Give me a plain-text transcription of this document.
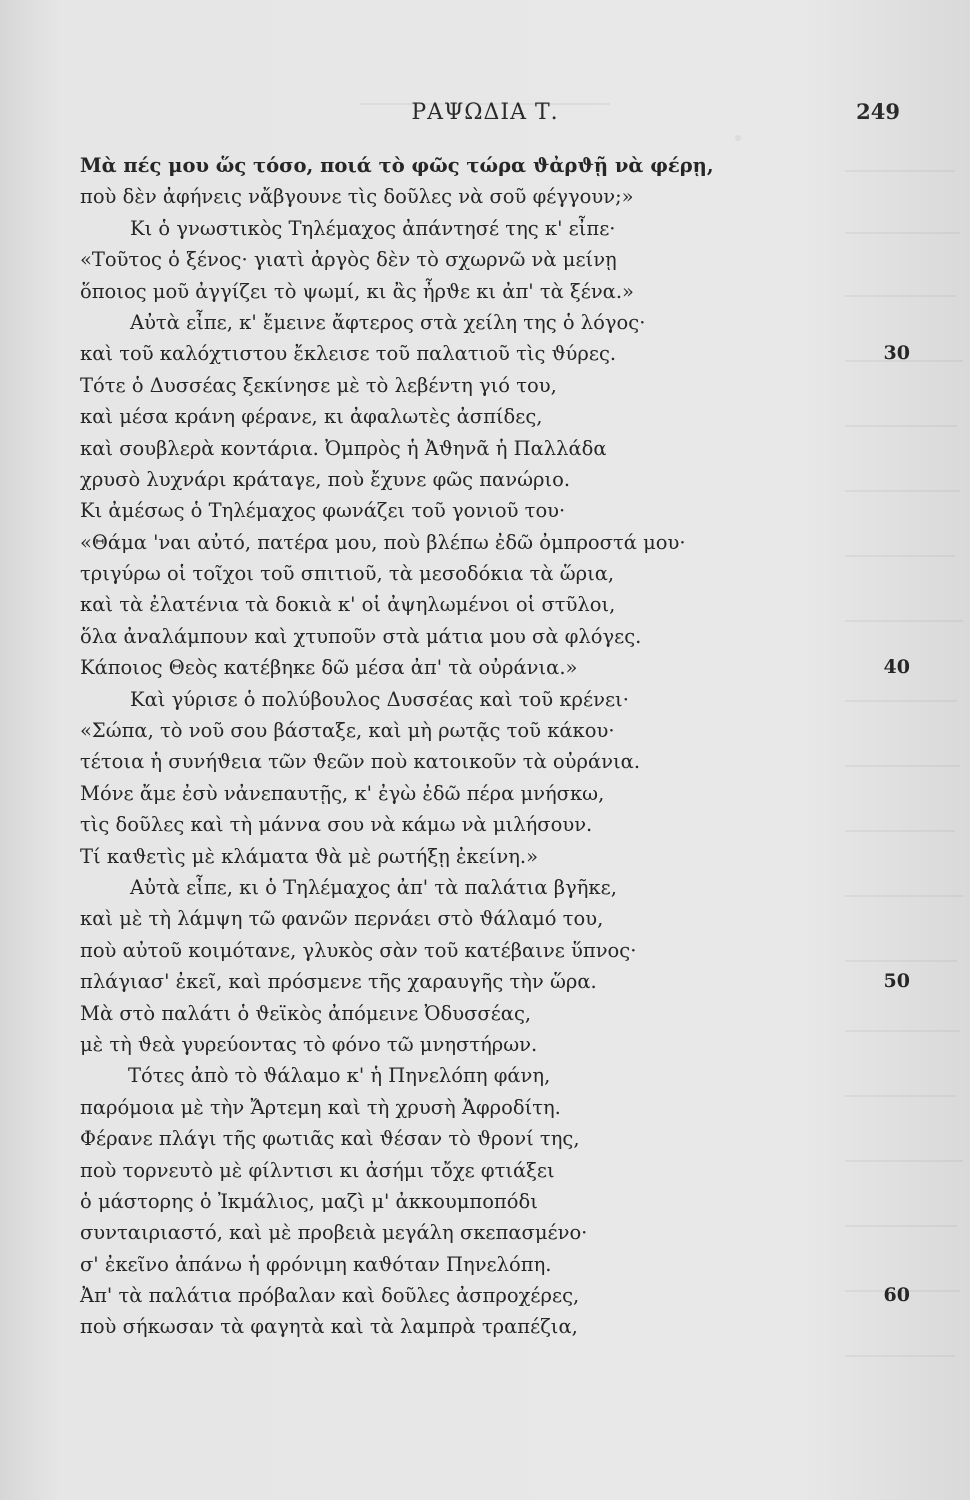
ΡΑΨΩΔΙΑ Τ.	249
Μὰ πές μου ὥς τόσο, ποιά τὸ φῶς τώρα ϑἀρϑῇ νὰ φέρῃ,
ποὺ δὲν ἀφήνεις νἄβγουνε τὶς δοῦλες νὰ σοῦ φέγγουν;»
Κι ὁ γνωστικὸς Τηλέμαχος ἀπάντησέ της κ' εἶπε·
«Τοῦτος ὁ ξένος· γιατὶ ἀργὸς δὲν τὸ σχωρνῶ νὰ μείνῃ
ὅποιος μοῦ ἀγγίζει τὸ ψωμί, κι ἂς ἦρϑε κι ἀπ' τὰ ξένα.»
Αὐτὰ εἶπε, κ' ἔμεινε ἄφτερος στὰ χείλη της ὁ λόγος·
καὶ τοῦ καλόχτιστου ἔκλεισε τοῦ παλατιοῦ τὶς ϑύρες.	30
Τότε ὁ Δυσσέας ξεκίνησε μὲ τὸ λεβέντη γιό του,
καὶ μέσα κράνη φέρανε, κι ἀφαλωτὲς ἀσπίδες,
καὶ σουβλερὰ κοντάρια. Ὀμπρὸς ἡ Ἀϑηνᾶ ἡ Παλλάδα
χρυσὸ λυχνάρι κράταγε, ποὺ ἔχυνε φῶς πανώριο.
Κι ἀμέσως ὁ Τηλέμαχος φωνάζει τοῦ γονιοῦ του·
«Θάμα 'ναι αὐτό, πατέρα μου, ποὺ βλέπω ἐδῶ ὀμπροστά μου·
τριγύρω οἱ τοῖχοι τοῦ σπιτιοῦ, τὰ μεσοδόκια τὰ ὥρια,
καὶ τὰ ἐλατένια τὰ δοκιὰ κ' οἱ ἀψηλωμένοι οἱ στῦλοι,
ὅλα ἀναλάμπουν καὶ χτυποῦν στὰ μάτια μου σὰ φλόγες.
Κάποιος Θεὸς κατέβηκε δῶ μέσα ἀπ' τὰ οὐράνια.»	40
Καὶ γύρισε ὁ πολύβουλος Δυσσέας καὶ τοῦ κρένει·
«Σώπα, τὸ νοῦ σου βάσταξε, καὶ μὴ ρωτᾷς τοῦ κάκου·
τέτοια ἡ συνήϑεια τῶν ϑεῶν ποὺ κατοικοῦν τὰ οὐράνια.
Μόνε ἄμε ἐσὺ νἀνεπαυτῇς, κ' ἐγὼ ἐδῶ πέρα μνήσκω,
τὶς δοῦλες καὶ τὴ μάννα σου νὰ κάμω νὰ μιλήσουν.
Τί καϑετὶς μὲ κλάματα ϑὰ μὲ ρωτήξῃ ἐκείνη.»
Αὐτὰ εἶπε, κι ὁ Τηλέμαχος ἀπ' τὰ παλάτια βγῆκε,
καὶ μὲ τὴ λάμψη τῶ φανῶν περνάει στὸ ϑάλαμό του,
ποὺ αὐτοῦ κοιμότανε, γλυκὸς σὰν τοῦ κατέβαινε ὕπνος·
πλάγιασ' ἐκεῖ, καὶ πρόσμενε τῆς χαραυγῆς τὴν ὥρα.	50
Μὰ στὸ παλάτι ὁ ϑεϊκὸς ἀπόμεινε Ὀδυσσέας,
μὲ τὴ ϑεὰ γυρεύοντας τὸ φόνο τῶ μνηστήρων.
Τότες ἀπὸ τὸ ϑάλαμο κ' ἡ Πηνελόπη φάνη,
παρόμοια μὲ τὴν Ἄρτεμη καὶ τὴ χρυσὴ Ἀφροδίτη.
Φέρανε πλάγι τῆς φωτιᾶς καὶ ϑέσαν τὸ ϑρονί της,
ποὺ τορνευτὸ μὲ φίλντισι κι ἀσήμι τὄχε φτιάξει
ὁ μάστορης ὁ Ἰκμάλιος, μαζὶ μ' ἀκκουμποπόδι
συνταιριαστό, καὶ μὲ προβειὰ μεγάλη σκεπασμένο·
σ' ἐκεῖνο ἀπάνω ἡ φρόνιμη καϑόταν Πηνελόπη.
Ἀπ' τὰ παλάτια πρόβαλαν καὶ δοῦλες ἀσπροχέρες,	60
ποὺ σήκωσαν τὰ φαγητὰ καὶ τὰ λαμπρὰ τραπέζια,
